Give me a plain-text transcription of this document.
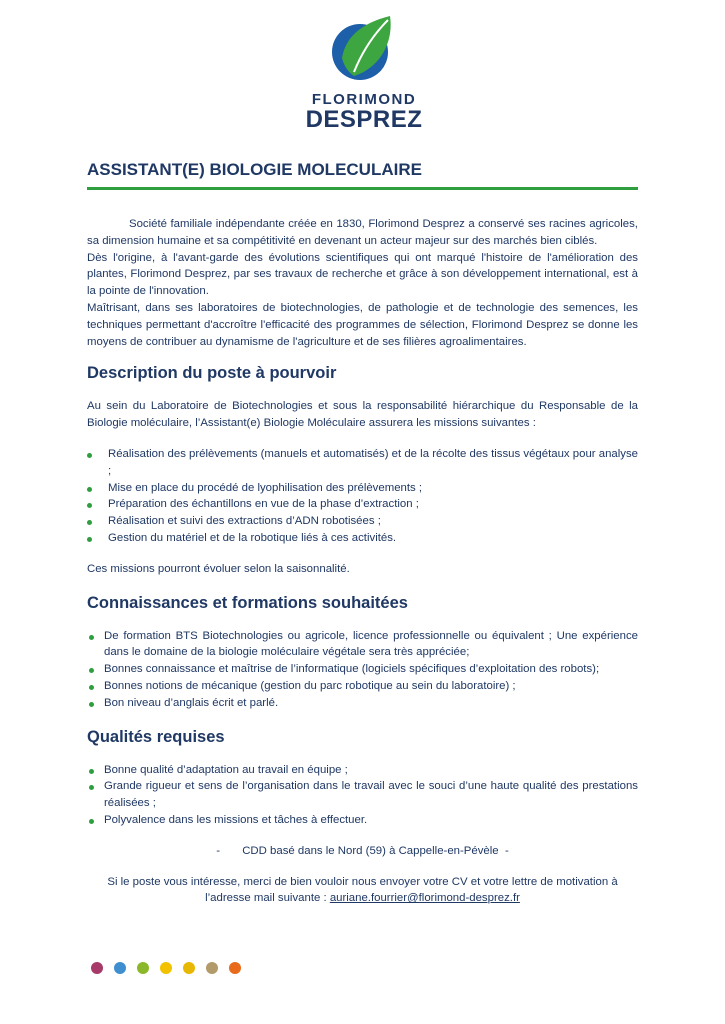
FLORIMOND
DESPREZ
ASSISTANT(E) BIOLOGIE MOLECULAIRE

Société familiale indépendante créée en 1830, Florimond Desprez a conservé ses racines agricoles, sa dimension humaine et sa compétitivité en devenant un acteur majeur sur des marchés bien ciblés.

Dès l'origine, à l'avant-garde des évolutions scientifiques qui ont marqué l'histoire de l'amélioration des plantes, Florimond Desprez, par ses travaux de recherche et grâce à son développement international, est à la pointe de l'innovation.

Maîtrisant, dans ses laboratoires de biotechnologies, de pathologie et de technologie des semences, les techniques permettant d'accroître l'efficacité des programmes de sélection, Florimond Desprez se donne les moyens de contribuer au dynamisme de l'agriculture et de ses filières agroalimentaires.

Description du poste à pourvoir

Au sein du Laboratoire de Biotechnologies et sous la responsabilité hiérarchique du Responsable de la Biologie moléculaire, l’Assistant(e) Biologie Moléculaire assurera les missions suivantes :

Réalisation des prélèvements (manuels et automatisés) et de la récolte des tissus végétaux pour analyse ;
Mise en place du procédé de lyophilisation des prélèvements ;
Préparation des échantillons en vue de la phase d’extraction ;
Réalisation et suivi des extractions d’ADN robotisées ;
Gestion du matériel et de la robotique liés à ces activités.

Ces missions pourront évoluer selon la saisonnalité.

Connaissances et formations souhaitées
De formation BTS Biotechnologies ou agricole, licence professionnelle ou équivalent ; Une expérience dans le domaine de la biologie moléculaire végétale sera très appréciée;
Bonnes connaissance et maîtrise de l’informatique (logiciels spécifiques d’exploitation des robots);
Bonnes notions de mécanique (gestion du parc robotique au sein du laboratoire) ;
Bon niveau d’anglais écrit et parlé.
Qualités requises
Bonne qualité d’adaptation au travail en équipe ;
Grande rigueur et sens de l’organisation dans le travail avec le souci d’une haute qualité des prestations réalisées ;
Polyvalence dans les missions et tâches à effectuer.

-       CDD basé dans le Nord (59) à Cappelle-en-Pévèle  -

Si le poste vous intéresse, merci de bien vouloir nous envoyer votre CV et votre lettre de motivation à

l’adresse mail suivante : auriane.fourrier@florimond-desprez.fr
